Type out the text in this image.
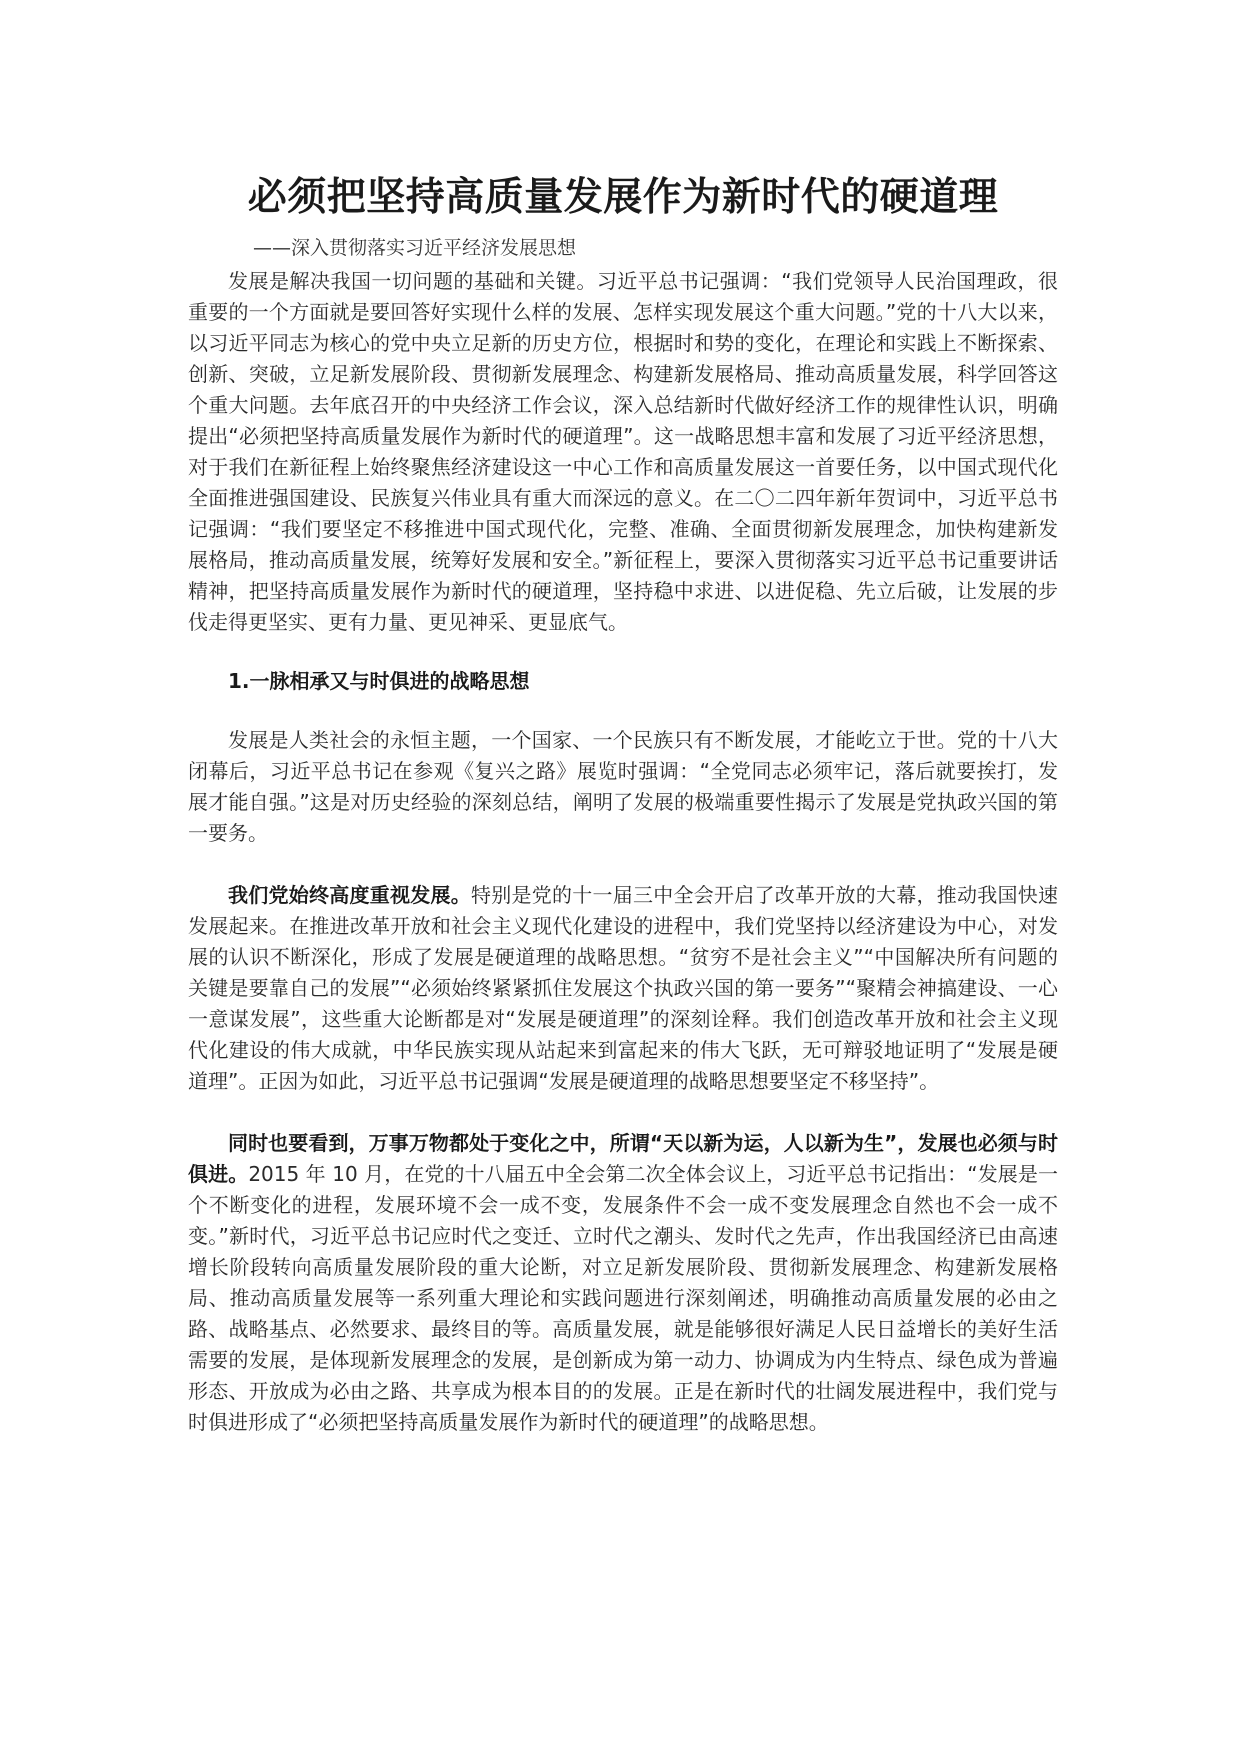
必须把坚持高质量发展作为新时代的硬道理
——深入贯彻落实习近平经济发展思想

发展是解决我国一切问题的基础和关键。习近平总书记强调：“我们党领导人民治国理政，很重要的一个方面就是要回答好实现什么样的发展、怎样实现发展这个重大问题。”党的十八大以来，以习近平同志为核心的党中央立足新的历史方位，根据时和势的变化，在理论和实践上不断探索、创新、突破，立足新发展阶段、贯彻新发展理念、构建新发展格局、推动高质量发展，科学回答这个重大问题。去年底召开的中央经济工作会议，深入总结新时代做好经济工作的规律性认识，明确提出“必须把坚持高质量发展作为新时代的硬道理”。这一战略思想丰富和发展了习近平经济思想，对于我们在新征程上始终聚焦经济建设这一中心工作和高质量发展这一首要任务，以中国式现代化全面推进强国建设、民族复兴伟业具有重大而深远的意义。在二〇二四年新年贺词中，习近平总书记强调：“我们要坚定不移推进中国式现代化，完整、准确、全面贯彻新发展理念，加快构建新发展格局，推动高质量发展，统筹好发展和安全。”新征程上，要深入贯彻落实习近平总书记重要讲话精神，把坚持高质量发展作为新时代的硬道理，坚持稳中求进、以进促稳、先立后破，让发展的步伐走得更坚实、更有力量、更见神采、更显底气。

1.一脉相承又与时俱进的战略思想

发展是人类社会的永恒主题，一个国家、一个民族只有不断发展，才能屹立于世。党的十八大闭幕后，习近平总书记在参观《复兴之路》展览时强调：“全党同志必须牢记，落后就要挨打，发展才能自强。”这是对历史经验的深刻总结，阐明了发展的极端重要性揭示了发展是党执政兴国的第一要务。

我们党始终高度重视发展。特别是党的十一届三中全会开启了改革开放的大幕，推动我国快速发展起来。在推进改革开放和社会主义现代化建设的进程中，我们党坚持以经济建设为中心，对发展的认识不断深化，形成了发展是硬道理的战略思想。“贫穷不是社会主义”“中国解决所有问题的关键是要靠自己的发展”“必须始终紧紧抓住发展这个执政兴国的第一要务”“聚精会神搞建设、一心一意谋发展”，这些重大论断都是对“发展是硬道理”的深刻诠释。我们创造改革开放和社会主义现代化建设的伟大成就，中华民族实现从站起来到富起来的伟大飞跃，无可辩驳地证明了“发展是硬道理”。正因为如此，习近平总书记强调“发展是硬道理的战略思想要坚定不移坚持”。

同时也要看到，万事万物都处于变化之中，所谓“天以新为运，人以新为生”，发展也必须与时俱进。2015 年 10 月，在党的十八届五中全会第二次全体会议上，习近平总书记指出：“发展是一个不断变化的进程，发展环境不会一成不变，发展条件不会一成不变发展理念自然也不会一成不变。”新时代，习近平总书记应时代之变迁、立时代之潮头、发时代之先声，作出我国经济已由高速增长阶段转向高质量发展阶段的重大论断，对立足新发展阶段、贯彻新发展理念、构建新发展格局、推动高质量发展等一系列重大理论和实践问题进行深刻阐述，明确推动高质量发展的必由之路、战略基点、必然要求、最终目的等。高质量发展，就是能够很好满足人民日益增长的美好生活需要的发展，是体现新发展理念的发展，是创新成为第一动力、协调成为内生特点、绿色成为普遍形态、开放成为必由之路、共享成为根本目的的发展。正是在新时代的壮阔发展进程中，我们党与时俱进形成了“必须把坚持高质量发展作为新时代的硬道理”的战略思想。
